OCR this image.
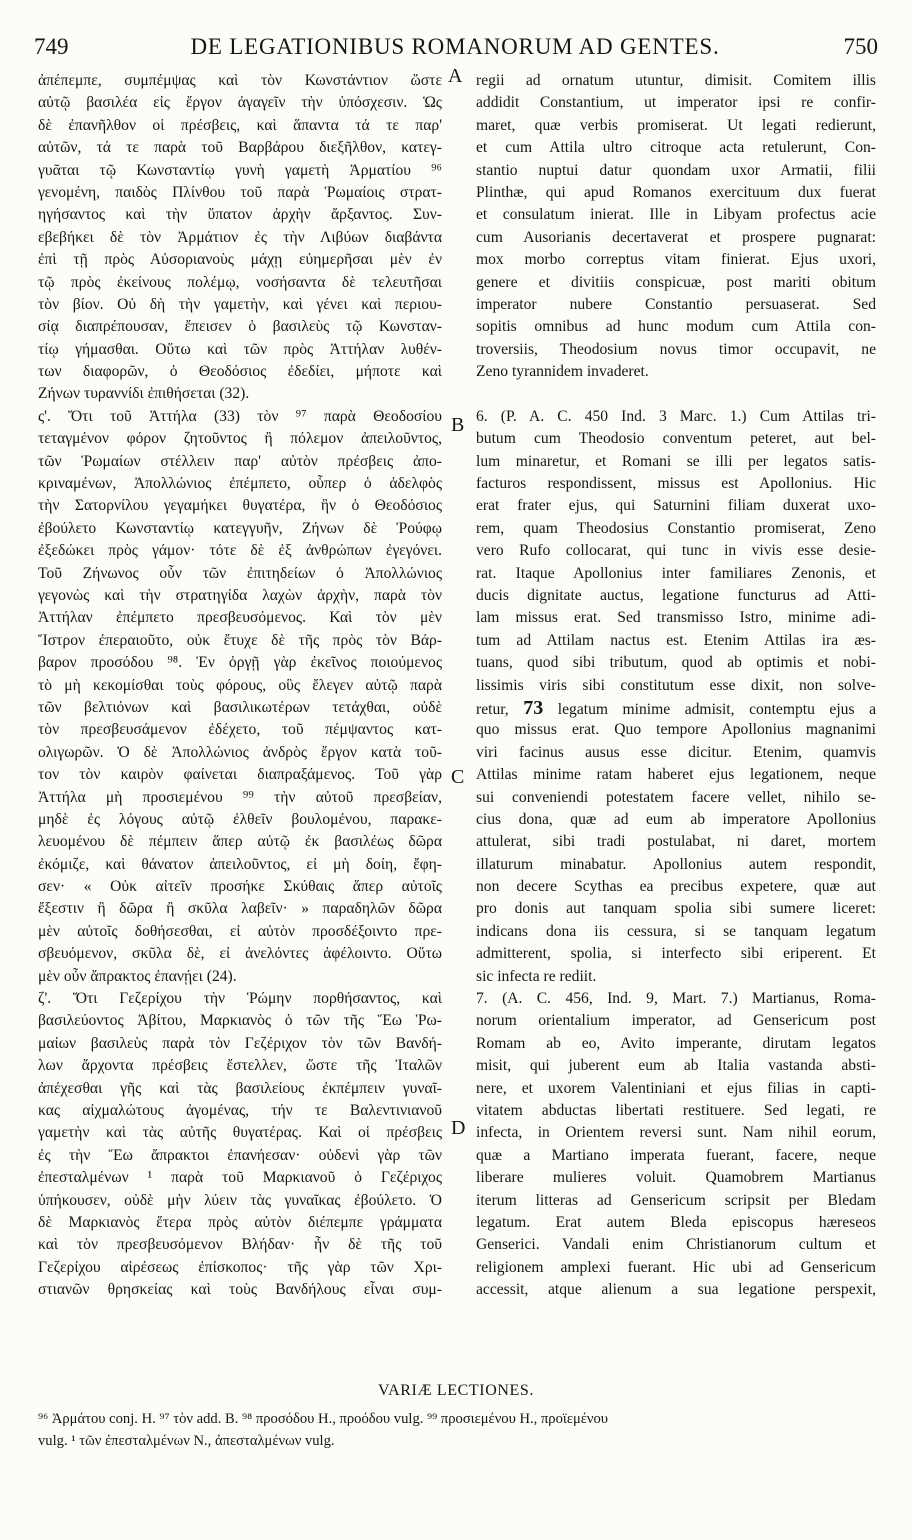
749	DE LEGATIONIBUS ROMANORUM AD GENTES.	750
ἀπέπεμπε, συμπέμψας καὶ τὸν Κωνστάντιον ὥστε
αὐτῷ βασιλέα εἰς ἔργον ἀγαγεῖν τὴν ὑπόσχεσιν. Ὡς
δὲ ἐπανῆλθον οἱ πρέσβεις, καὶ ἅπαντα τά τε παρ'
αὐτῶν, τά τε παρὰ τοῦ Βαρβάρου διεξῆλθον, κατεγ-
γυᾶται τῷ Κωνσταντίῳ γυνὴ γαμετὴ Ἀρματίου ⁹⁶
γενομένη, παιδὸς Πλίνθου τοῦ παρὰ Ῥωμαίοις στρατ-
ηγήσαντος καὶ τὴν ὕπατον ἀρχὴν ἄρξαντος. Συν-
εβεβήκει δὲ τὸν Ἀρμάτιον ἐς τὴν Λιβύων διαβάντα
ἐπὶ τῇ πρὸς Αὐσοριανοὺς μάχῃ εὐημερῆσαι μὲν ἐν
τῷ πρὸς ἐκείνους πολέμῳ, νοσήσαντα δὲ τελευτῆσαι
τὸν βίον. Οὐ δὴ τὴν γαμετὴν, καὶ γένει καὶ περιου-
σίᾳ διαπρέπουσαν, ἔπεισεν ὁ βασιλεὺς τῷ Κωνσταν-
τίῳ γήμασθαι. Οὕτω καὶ τῶν πρὸς Ἀττήλαν λυθέν-
των διαφορῶν, ὁ Θεοδόσιος ἐδεδίει, μήποτε καὶ
Ζήνων τυραννίδι ἐπιθήσεται (32).
ς'. Ὅτι τοῦ Ἀττήλα (33) τὸν ⁹⁷ παρὰ Θεοδοσίου
τεταγμένον φόρον ζητοῦντος ἢ πόλεμον ἀπειλοῦντος,
τῶν Ῥωμαίων στέλλειν παρ' αὐτὸν πρέσβεις ἀπο-
κριναμένων, Ἀπολλώνιος ἐπέμπετο, οὗπερ ὁ ἀδελφὸς
τὴν Σατορνίλου γεγαμήκει θυγατέρα, ἣν ὁ Θεοδόσιος
ἐβούλετο Κωνσταντίῳ κατεγγυῆν, Ζήνων δὲ Ῥούφῳ
ἐξεδώκει πρὸς γάμον· τότε δὲ ἐξ ἀνθρώπων ἐγεγόνει.
Τοῦ Ζήνωνος οὖν τῶν ἐπιτηδείων ὁ Ἀπολλώνιος
γεγονὼς καὶ τὴν στρατηγίδα λαχὼν ἀρχὴν, παρὰ τὸν
Ἀττήλαν ἐπέμπετο πρεσβευσόμενος. Καὶ τὸν μὲν
Ἴστρον ἐπεραιοῦτο, οὐκ ἔτυχε δὲ τῆς πρὸς τὸν Βάρ-
βαρον προσόδου ⁹⁸. Ἐν ὀργῇ γὰρ ἐκεῖνος ποιούμενος
τὸ μὴ κεκομίσθαι τοὺς φόρους, οὓς ἔλεγεν αὐτῷ παρὰ
τῶν βελτιόνων καὶ βασιλικωτέρων τετάχθαι, οὐδὲ
τὸν πρεσβευσάμενον ἐδέχετο, τοῦ πέμψαντος κατ-
ολιγωρῶν. Ὁ δὲ Ἀπολλώνιος ἀνδρὸς ἔργον κατὰ τοῦ-
τον τὸν καιρὸν φαίνεται διαπραξάμενος. Τοῦ γὰρ
Ἀττήλα μὴ προσιεμένου ⁹⁹ τὴν αὐτοῦ πρεσβείαν,
μηδὲ ἐς λόγους αὐτῷ ἐλθεῖν βουλομένου, παρακε-
λευομένου δὲ πέμπειν ἅπερ αὐτῷ ἐκ βασιλέως δῶρα
ἐκόμιζε, καὶ θάνατον ἀπειλοῦντος, εἰ μὴ δοίη, ἔφη-
σεν· « Οὐκ αἰτεῖν προσήκε Σκύθαις ἅπερ αὐτοῖς
ἔξεστιν ἢ δῶρα ἢ σκῦλα λαβεῖν· » παραδηλῶν δῶρα
μὲν αὐτοῖς δοθήσεσθαι, εἰ αὐτὸν προσδέξοιντο πρε-
σβευόμενον, σκῦλα δὲ, εἰ ἀνελόντες ἀφέλοιντο. Οὕτω
μὲν οὖν ἄπρακτος ἐπανῄει (24).
ζ'. Ὅτι Γεζερίχου τὴν Ῥώμην πορθήσαντος, καὶ
βασιλεύοντος Ἀβίτου, Μαρκιανὸς ὁ τῶν τῆς Ἕω Ῥω-
μαίων βασιλεὺς παρὰ τὸν Γεζέριχον τὸν τῶν Βανδή-
λων ἄρχοντα πρέσβεις ἔστελλεν, ὥστε τῆς Ἰταλῶν
ἀπέχεσθαι γῆς καὶ τὰς βασιλείους ἐκπέμπειν γυναῖ-
κας αἰχμαλώτους ἀγομένας, τήν τε Βαλεντινιανοῦ
γαμετὴν καὶ τὰς αὐτῆς θυγατέρας. Καὶ οἱ πρέσβεις
ἐς τὴν Ἕω ἄπρακτοι ἐπανήεσαν· οὐδενὶ γὰρ τῶν
ἐπεσταλμένων ¹ παρὰ τοῦ Μαρκιανοῦ ὁ Γεζέριχος
ὑπήκουσεν, οὐδὲ μὴν λύειν τὰς γυναῖκας ἐβούλετο. Ὁ
δὲ Μαρκιανὸς ἕτερα πρὸς αὐτὸν διέπεμπε γράμματα
καὶ τὸν πρεσβευσόμενον Βλήδαν· ἦν δὲ τῆς τοῦ
Γεζερίχου αἱρέσεως ἐπίσκοπος· τῆς γὰρ τῶν Χρι-
στιανῶν θρησκείας καὶ τοὺς Βανδήλους εἶναι συμ-
regii ad ornatum utuntur, dimisit. Comitem illis
addidit Constantium, ut imperator ipsi re confir-
maret, quæ verbis promiserat. Ut legati redierunt,
et cum Attila ultro citroque acta retulerunt, Con-
stantio nuptui datur quondam uxor Armatii, filii
Plinthæ, qui apud Romanos exercituum dux fuerat
et consulatum inierat. Ille in Libyam profectus acie
cum Ausorianis decertaverat et prospere pugnarat:
mox morbo correptus vitam finierat. Ejus uxori,
genere et divitiis conspicuæ, post mariti obitum
imperator nubere Constantio persuaserat. Sed
sopitis omnibus ad hunc modum cum Attila con-
troversiis, Theodosium novus timor occupavit, ne
Zeno tyrannidem invaderet.
6. (P. A. C. 450 Ind. 3 Marc. 1.) Cum Attilas tri-
butum cum Theodosio conventum peteret, aut bel-
lum minaretur, et Romani se illi per legatos satis-
facturos respondissent, missus est Apollonius. Hic
erat frater ejus, qui Saturnini filiam duxerat uxo-
rem, quam Theodosius Constantio promiserat, Zeno
vero Rufo collocarat, qui tunc in vivis esse desie-
rat. Itaque Apollonius inter familiares Zenonis, et
ducis dignitate auctus, legatione functurus ad Atti-
lam missus erat. Sed transmisso Istro, minime adi-
tum ad Attilam nactus est. Etenim Attilas ira æs-
tuans, quod sibi tributum, quod ab optimis et nobi-
lissimis viris sibi constitutum esse dixit, non solve-
retur, 73 legatum minime admisit, contemptu ejus a
quo missus erat. Quo tempore Apollonius magnanimi
viri facinus ausus esse dicitur. Etenim, quamvis
Attilas minime ratam haberet ejus legationem, neque
sui conveniendi potestatem facere vellet, nihilo se-
cius dona, quæ ad eum ab imperatore Apollonius
attulerat, sibi tradi postulabat, ni daret, mortem
illaturum minabatur. Apollonius autem respondit,
non decere Scythas ea precibus expetere, quæ aut
pro donis aut tanquam spolia sibi sumere liceret:
indicans dona iis cessura, si se tanquam legatum
admitterent, spolia, si interfecto sibi eriperent. Et
sic infecta re rediit.
7. (A. C. 456, Ind. 9, Mart. 7.) Martianus, Roma-
norum orientalium imperator, ad Gensericum post
Romam ab eo, Avito imperante, dirutam legatos
misit, qui juberent eum ab Italia vastanda absti-
nere, et uxorem Valentiniani et ejus filias in capti-
vitatem abductas libertati restituere. Sed legati, re
infecta, in Orientem reversi sunt. Nam nihil eorum,
quæ a Martiano imperata fuerant, facere, neque
liberare mulieres voluit. Quamobrem Martianus
iterum litteras ad Gensericum scripsit per Bledam
legatum. Erat autem Bleda episcopus hæreseos
Genserici. Vandali enim Christianorum cultum et
religionem amplexi fuerant. Hic ubi ad Gensericum
accessit, atque alienum a sua legatione perspexit,
A
B
C
D
VARIÆ LECTIONES.
⁹⁶ Ἀρμάτου conj. H. ⁹⁷ τὸν add. B. ⁹⁸ προσόδου H., προόδου vulg. ⁹⁹ προσιεμένου H., προϊεμένου
vulg. ¹ τῶν ἐπεσταλμένων N., ἀπεσταλμένων vulg.
